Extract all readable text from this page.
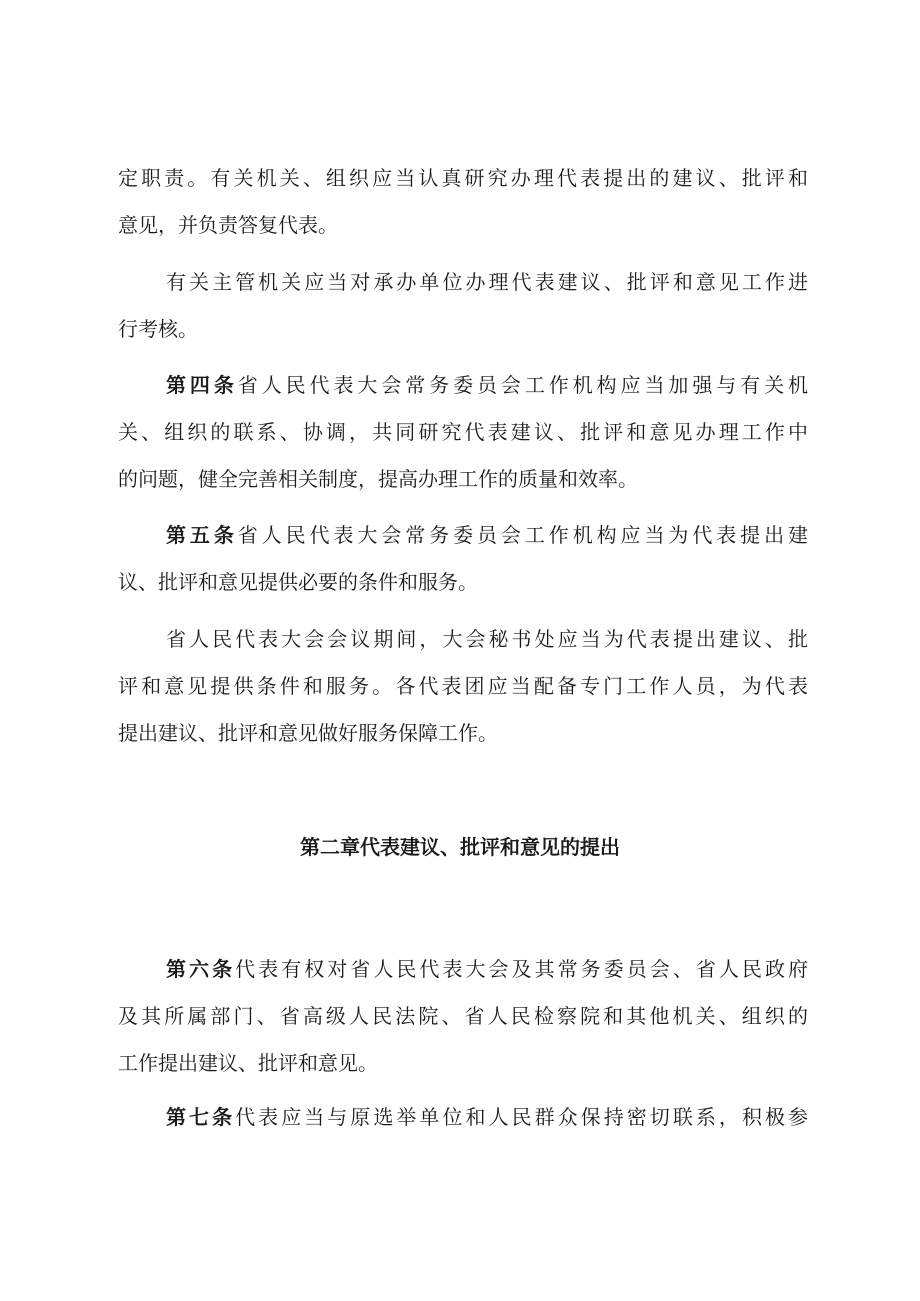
定职责。有关机关、组织应当认真研究办理代表提出的建议、批评和
意见，并负责答复代表。
有关主管机关应当对承办单位办理代表建议、批评和意见工作进
行考核。
第四条省人民代表大会常务委员会工作机构应当加强与有关机
关、组织的联系、协调，共同研究代表建议、批评和意见办理工作中
的问题，健全完善相关制度，提高办理工作的质量和效率。
第五条省人民代表大会常务委员会工作机构应当为代表提出建
议、批评和意见提供必要的条件和服务。
省人民代表大会会议期间，大会秘书处应当为代表提出建议、批
评和意见提供条件和服务。各代表团应当配备专门工作人员，为代表
提出建议、批评和意见做好服务保障工作。
第二章代表建议、批评和意见的提出
第六条代表有权对省人民代表大会及其常务委员会、省人民政府
及其所属部门、省高级人民法院、省人民检察院和其他机关、组织的
工作提出建议、批评和意见。
第七条代表应当与原选举单位和人民群众保持密切联系，积极参
